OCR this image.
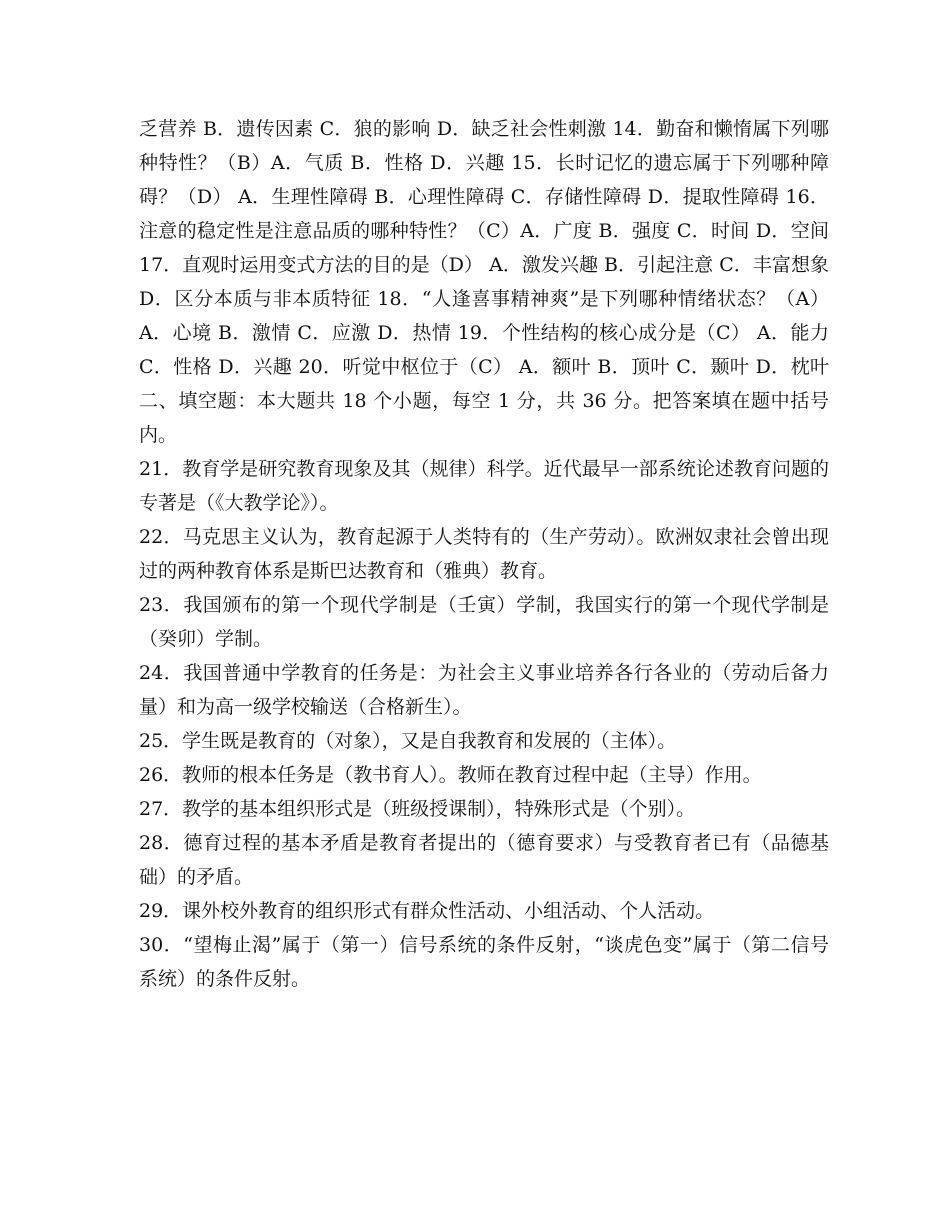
乏营养 B．遗传因素 C．狼的影响 D．缺乏社会性刺激 14．勤奋和懒惰属下列哪种特性？（B）A．气质 B．性格 D．兴趣 15．长时记忆的遗忘属于下列哪种障碍？（D） A．生理性障碍 B．心理性障碍 C．存储性障碍 D．提取性障碍 16．注意的稳定性是注意品质的哪种特性？（C）A．广度 B．强度 C．时间 D．空间 17．直观时运用变式方法的目的是（D） A．激发兴趣 B．引起注意 C．丰富想象 D．区分本质与非本质特征 18．“人逢喜事精神爽”是下列哪种情绪状态？（A）A．心境 B．激情 C．应激 D．热情 19．个性结构的核心成分是（C） A．能力 C．性格 D．兴趣 20．听觉中枢位于（C） A．额叶 B．顶叶 C．颞叶 D．枕叶 二、填空题：本大题共 18 个小题，每空 1 分，共 36 分。把答案填在题中括号内。

21．教育学是研究教育现象及其（规律）科学。近代最早一部系统论述教育问题的专著是（《大教学论》）。

22．马克思主义认为，教育起源于人类特有的（生产劳动）。欧洲奴隶社会曾出现过的两种教育体系是斯巴达教育和（雅典）教育。

23．我国颁布的第一个现代学制是（壬寅）学制，我国实行的第一个现代学制是（癸卯）学制。

24．我国普通中学教育的任务是：为社会主义事业培养各行各业的（劳动后备力量）和为高一级学校输送（合格新生）。

25．学生既是教育的（对象），又是自我教育和发展的（主体）。

26．教师的根本任务是（教书育人）。教师在教育过程中起（主导）作用。

27．教学的基本组织形式是（班级授课制），特殊形式是（个别）。

28．德育过程的基本矛盾是教育者提出的（德育要求）与受教育者已有（品德基础）的矛盾。

29．课外校外教育的组织形式有群众性活动、小组活动、个人活动。

30．“望梅止渴”属于（第一）信号系统的条件反射，“谈虎色变”属于（第二信号系统）的条件反射。
